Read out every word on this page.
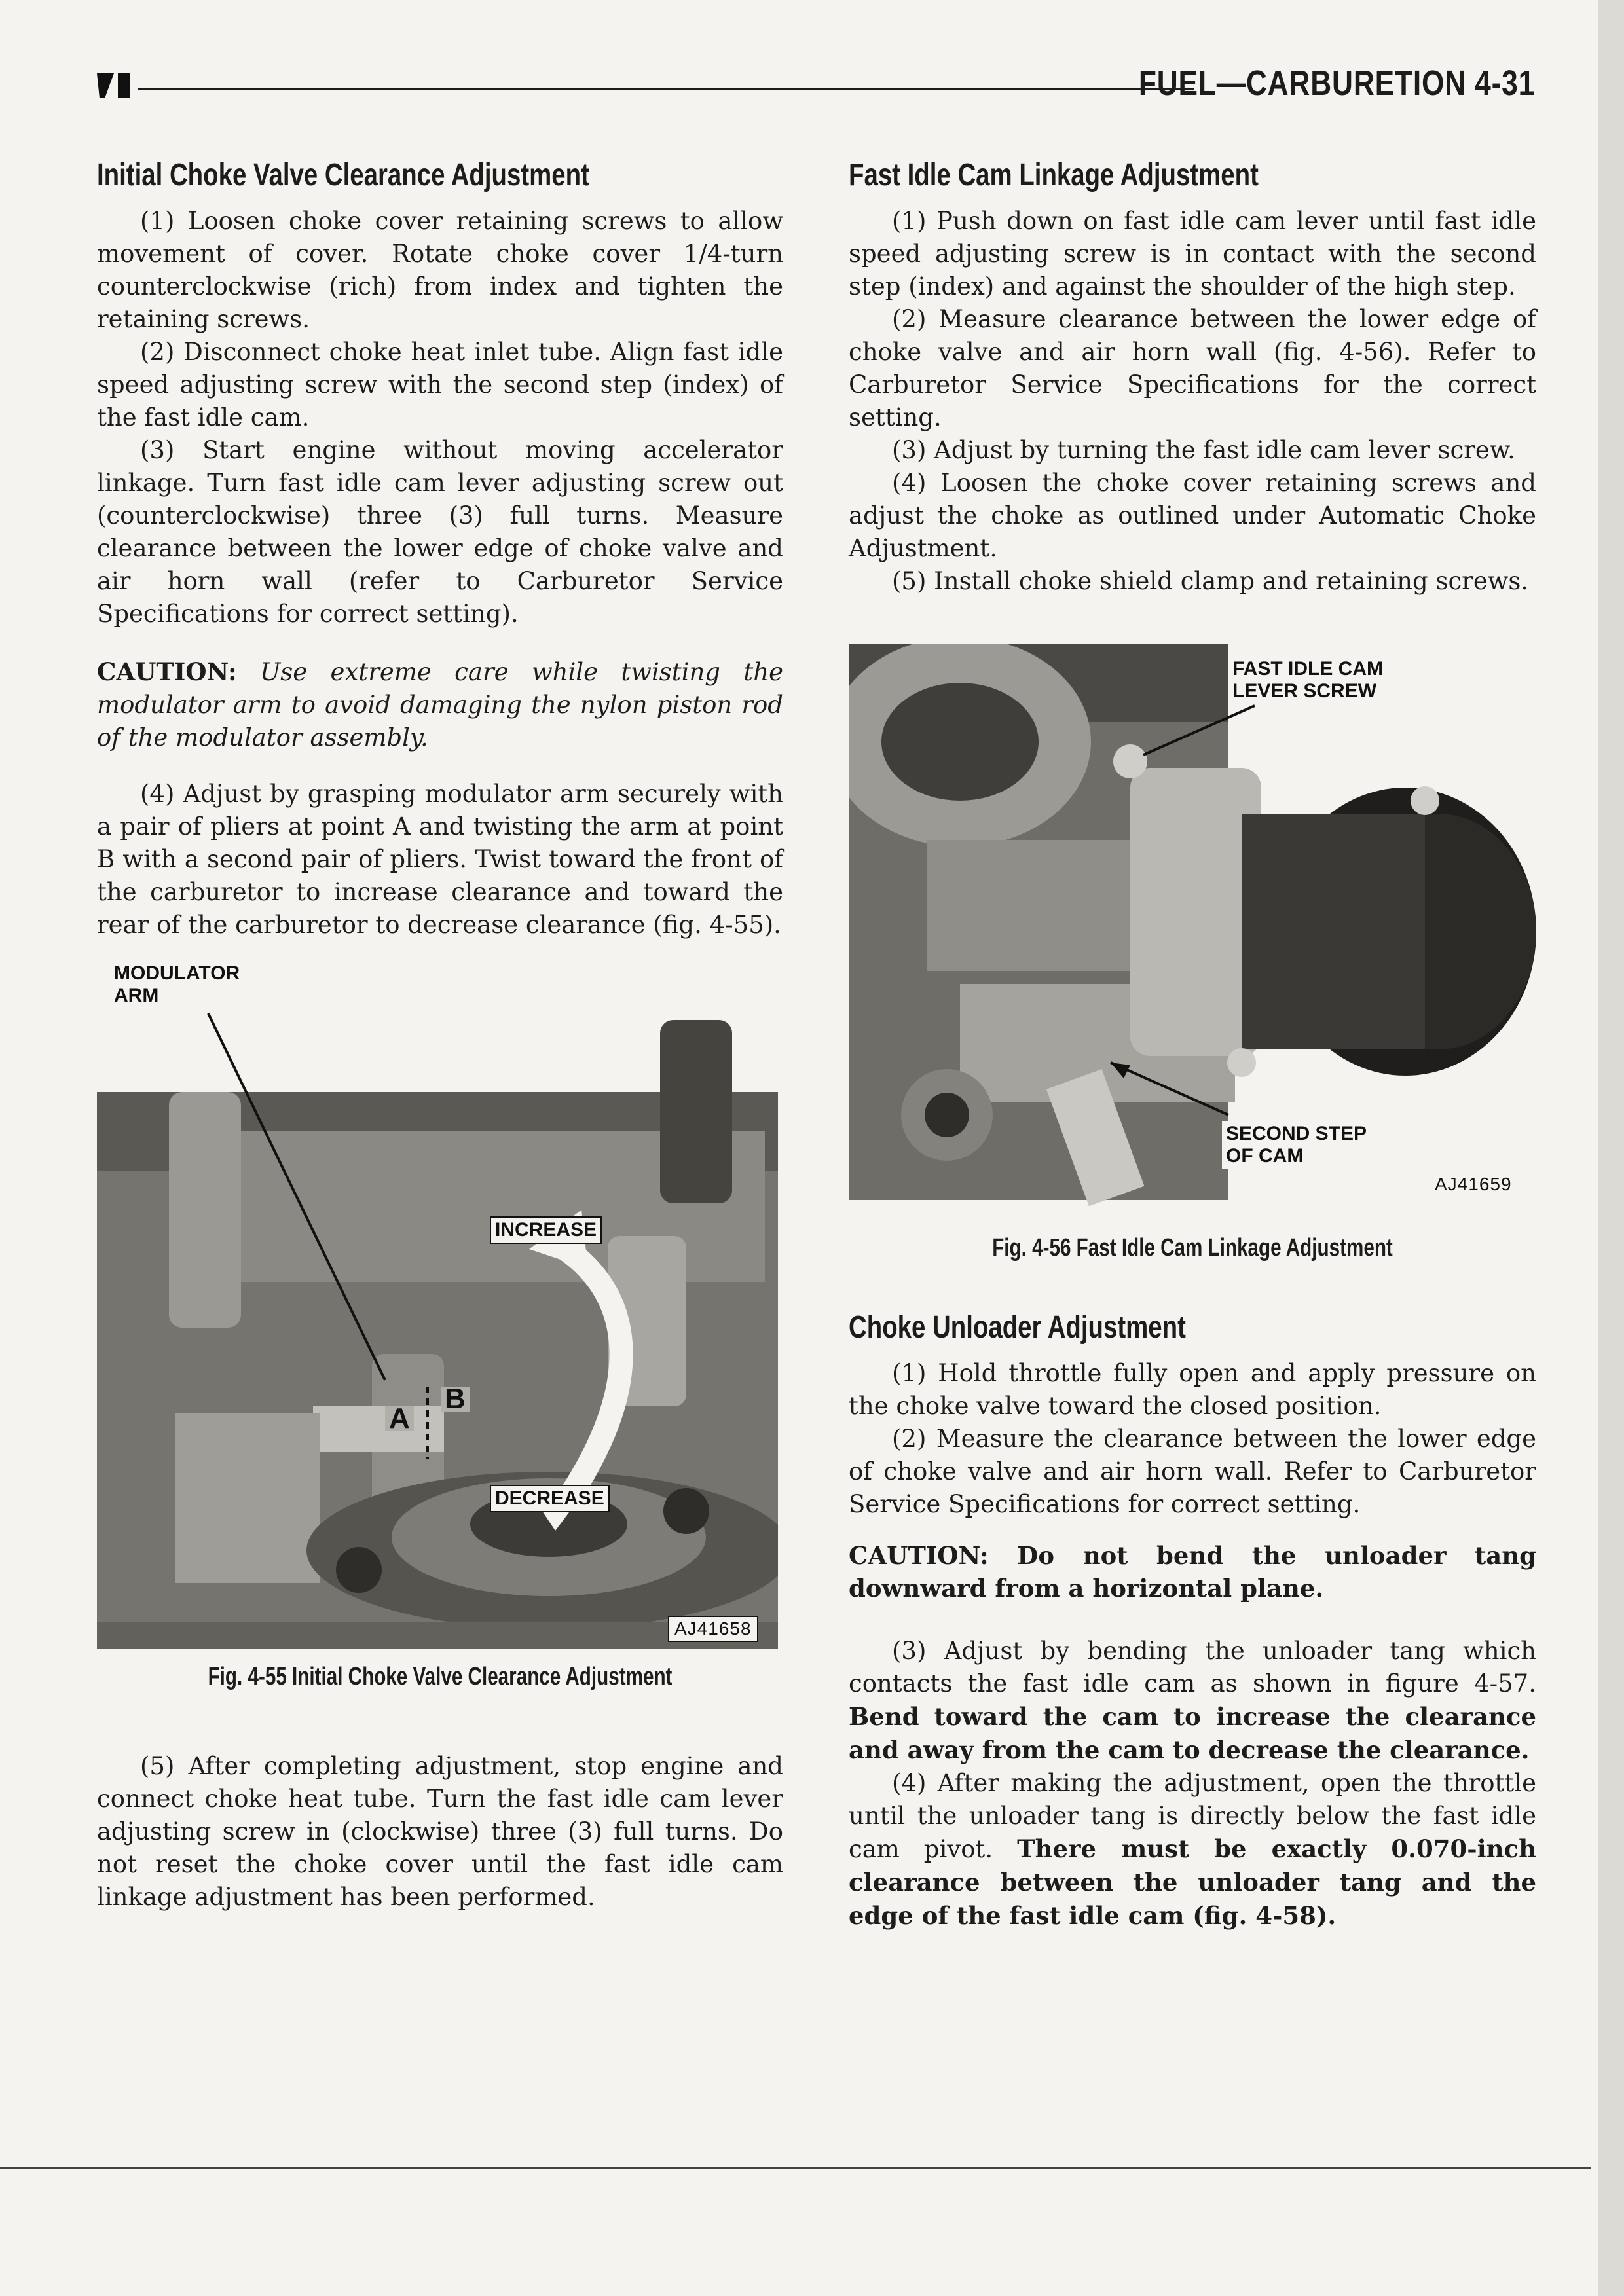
FUEL—CARBURETION 4-31
Initial Choke Valve Clearance Adjustment

(1) Loosen choke cover retaining screws to allow movement of cover. Rotate choke cover 1/4-turn counterclockwise (rich) from index and tighten the retaining screws.

(2) Disconnect choke heat inlet tube. Align fast idle speed adjusting screw with the second step (index) of the fast idle cam.

(3) Start engine without moving accelerator linkage. Turn fast idle cam lever adjusting screw out (counterclockwise) three (3) full turns. Measure clearance between the lower edge of choke valve and air horn wall (refer to Carburetor Service Specifications for correct setting).

CAUTION: Use extreme care while twisting the modulator arm to avoid damaging the nylon piston rod of the modulator assembly.

(4) Adjust by grasping modulator arm securely with a pair of pliers at point A and twisting the arm at point B with a second pair of pliers. Twist toward the front of the carburetor to increase clearance and toward the rear of the carburetor to decrease clearance (fig. 4-55).

MODULATOR ARM
INCREASE
DECREASE
A
B
AJ41658
Fig. 4-55 Initial Choke Valve Clearance Adjustment

(5) After completing adjustment, stop engine and connect choke heat tube. Turn the fast idle cam lever adjusting screw in (clockwise) three (3) full turns. Do not reset the choke cover until the fast idle cam linkage adjustment has been performed.

Fast Idle Cam Linkage Adjustment

(1) Push down on fast idle cam lever until fast idle speed adjusting screw is in contact with the second step (index) and against the shoulder of the high step.

(2) Measure clearance between the lower edge of choke valve and air horn wall (fig. 4-56). Refer to Carburetor Service Specifications for the correct setting.

(3) Adjust by turning the fast idle cam lever screw.

(4) Loosen the choke cover retaining screws and adjust the choke as outlined under Automatic Choke Adjustment.

(5) Install choke shield clamp and retaining screws.

FAST IDLE CAM LEVER SCREW
SECOND STEP OF CAM
AJ41659
Fig. 4-56 Fast Idle Cam Linkage Adjustment
Choke Unloader Adjustment

(1) Hold throttle fully open and apply pressure on the choke valve toward the closed position.

(2) Measure the clearance between the lower edge of choke valve and air horn wall. Refer to Carburetor Service Specifications for correct setting.

CAUTION: Do not bend the unloader tang downward from a horizontal plane.

(3) Adjust by bending the unloader tang which contacts the fast idle cam as shown in figure 4-57. Bend toward the cam to increase the clearance and away from the cam to decrease the clearance.

(4) After making the adjustment, open the throttle until the unloader tang is directly below the fast idle cam pivot. There must be exactly 0.070-inch clearance between the unloader tang and the edge of the fast idle cam (fig. 4-58).
